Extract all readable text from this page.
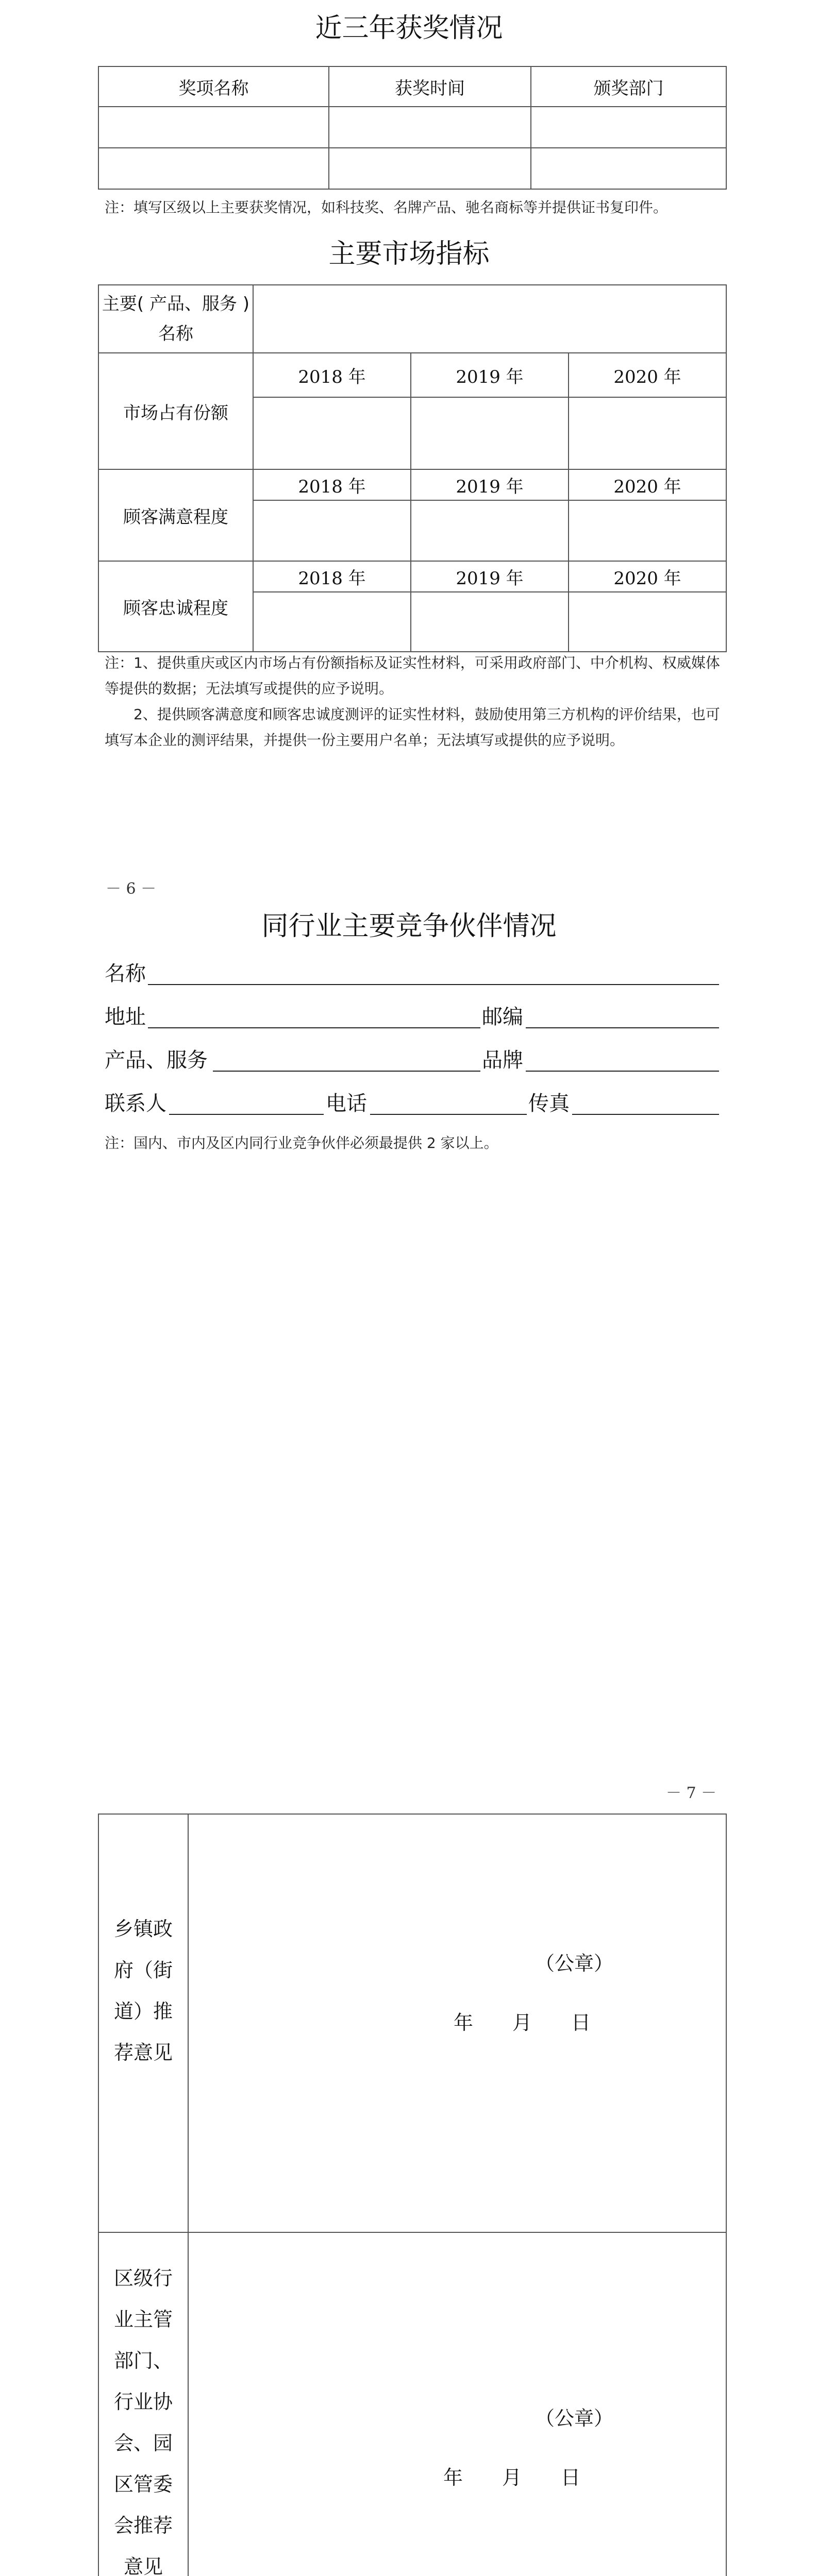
近三年获奖情况
奖项名称	获奖时间	颁奖部门

注：填写区级以上主要获奖情况，如科技奖、名牌产品、驰名商标等并提供证书复印件。
主要市场指标
主要( 产品、服务 ) 名称			
市场占有份额	2018 年	2019 年	2020 年

顾客满意程度	2018 年	2019 年	2020 年

顾客忠诚程度	2018 年	2019 年	2020 年

注：1、提供重庆或区内市场占有份额指标及证实性材料，可采用政府部门、中介机构、权威媒体等提供的数据；无法填写或提供的应予说明。
2、提供顾客满意度和顾客忠诚度测评的证实性材料，鼓励使用第三方机构的评价结果，也可填写本企业的测评结果，并提供一份主要用户名单；无法填写或提供的应予说明。
－ 6 －
同行业主要竞争伙伴情况
名称
地址	邮编
产品、服务	品牌
联系人	电话	传真
注：国内、市内及区内同行业竞争伙伴必须最提供 2 家以上。
－ 7 －
乡镇政
府（街
道）推
荐意见
（公章）
年　　月　　日
区级行
业主管
部门、
行业协
会、园
区管委
会推荐
意见
（公章）
年　　月　　日
